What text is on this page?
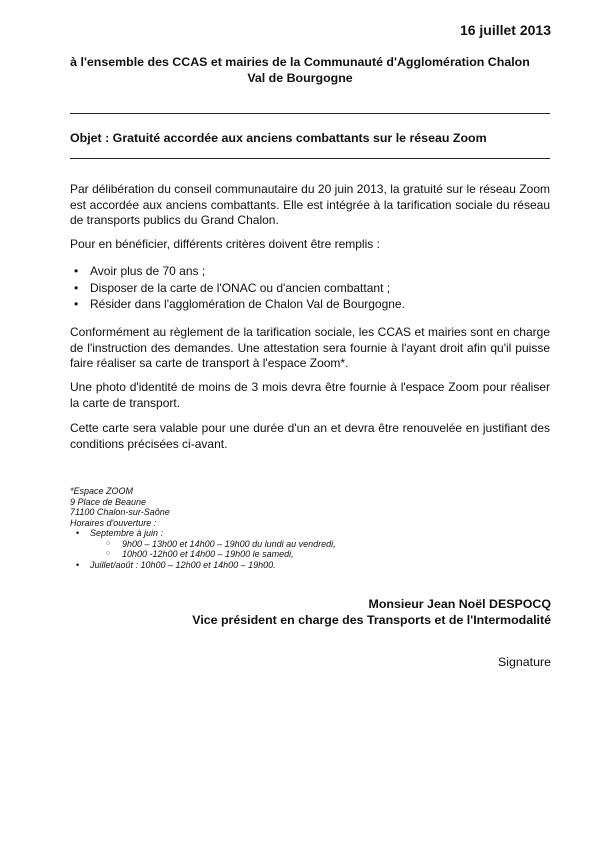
16 juillet 2013
à l'ensemble des CCAS et mairies de la Communauté d'Agglomération Chalon
Val de Bourgogne
Objet : Gratuité accordée aux anciens combattants sur le réseau Zoom
Par délibération du conseil communautaire du 20 juin 2013, la gratuité sur le réseau Zoom est accordée aux anciens combattants. Elle est intégrée à la tarification sociale du réseau de transports publics du Grand Chalon.
Pour en bénéficier, différents critères doivent être remplis :
• Avoir plus de 70 ans ;
• Disposer de la carte de l'ONAC ou d'ancien combattant ;
• Résider dans l'agglomération de Chalon Val de Bourgogne.
Conformément au règlement de la tarification sociale, les CCAS et mairies sont en charge de l'instruction des demandes. Une attestation sera fournie à l'ayant droit afin qu'il puisse faire réaliser sa carte de transport à l'espace Zoom*.
Une photo d'identité de moins de 3 mois devra être fournie à l'espace Zoom pour réaliser la carte de transport.
Cette carte sera valable pour une durée d'un an et devra être renouvelée en justifiant des conditions précisées ci-avant.
*Espace ZOOM
9 Place de Beaune
71100 Chalon-sur-Saône
Horaires d'ouverture :
• Septembre à juin :
○ 9h00 – 13h00 et 14h00 – 19h00 du lundi au vendredi,
○ 10h00 -12h00 et 14h00 – 19h00 le samedi,
• Juillet/août : 10h00 – 12h00 et 14h00 – 19h00.
Monsieur Jean Noël DESPOCQ
Vice président en charge des Transports et de l'Intermodalité
Signature
